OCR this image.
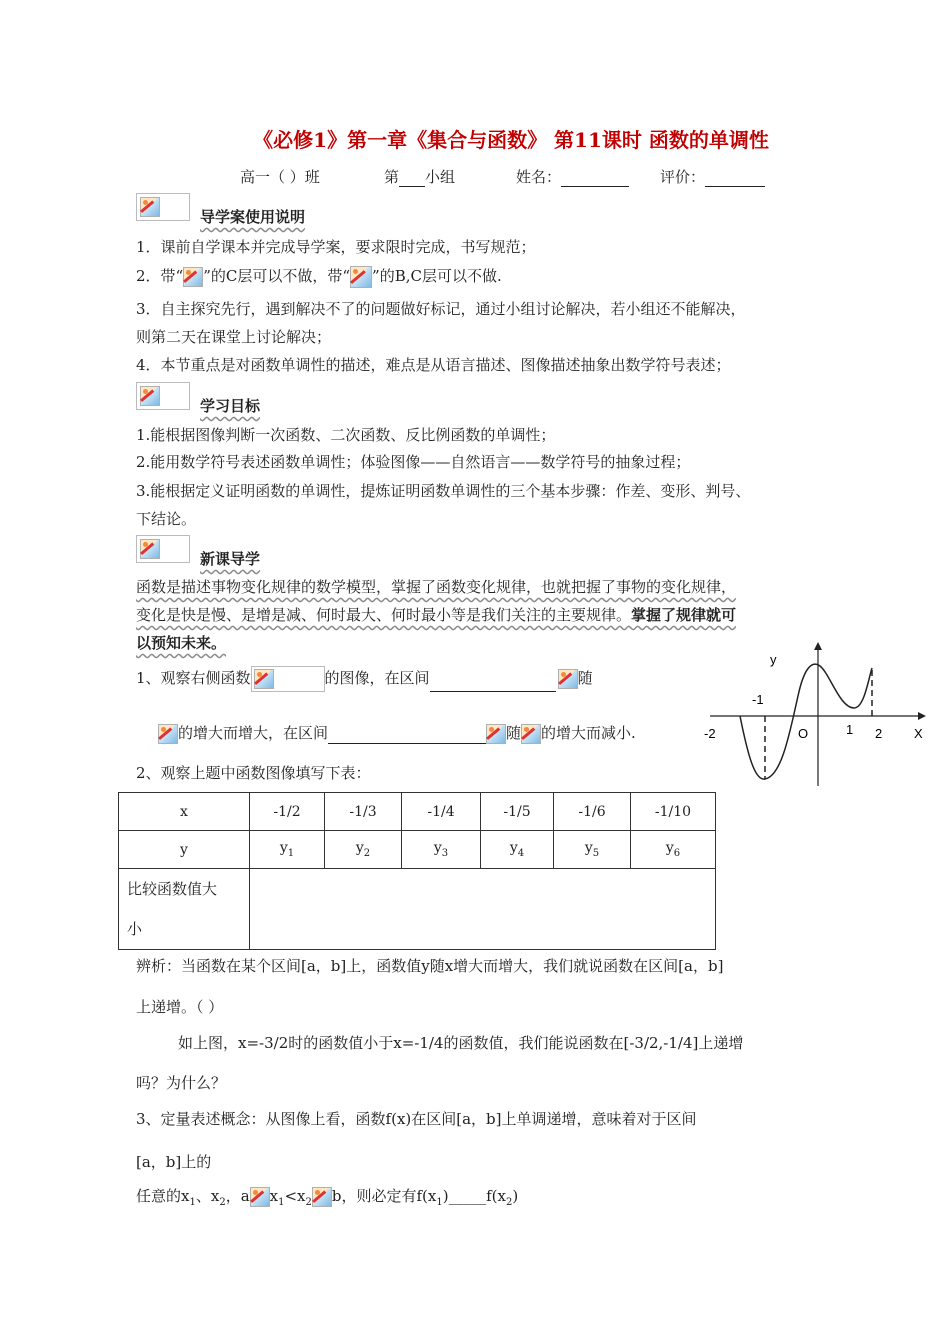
《必修1》第一章《集合与函数》 第11课时 函数的单调性
高一（ ）班	第 小组	姓名：	评价：
导学案使用说明
1．课前自学课本并完成导学案，要求限时完成，书写规范；
2．带“ ”的C层可以不做，带“ ”的B,C层可以不做.
3．自主探究先行，遇到解决不了的问题做好标记，通过小组讨论解决，若小组还不能解决，
则第二天在课堂上讨论解决；
4．本节重点是对函数单调性的描述，难点是从语言描述、图像描述抽象出数学符号表述；
学习目标
1.能根据图像判断一次函数、二次函数、反比例函数的单调性；
2.能用数学符号表述函数单调性；体验图像——自然语言——数学符号的抽象过程；
3.能根据定义证明函数的单调性，提炼证明函数单调性的三个基本步骤：作差、变形、判号、
下结论。
新课导学
函数是描述事物变化规律的数学模型，掌握了函数变化规律，也就把握了事物的变化规律，
变化是快是慢、是增是减、何时最大、何时最小等是我们关注的主要规律。掌握了规律就可
以预知未来。
1、观察右侧函数	的图像，在区间	随
的增大而增大，在区间	随 的增大而减小.
y
-1
-2	O	1 2 X
2、观察上题中函数图像填写下表：
x	-1/2	-1/3	-1/4	-1/5	-1/6	-1/10
y	$y_1$	$y_2$	$y_3$	$y_4$	$y_5$	$y_6$

比较函数值大
小						

辨析：当函数在某个区间[a，b]上，函数值y随x增大而增大，我们就说函数在区间[a，b]
上递增。（ ）
如上图，x=-3/2时的函数值小于x=-1/4的函数值，我们能说函数在[-3/2,-1/4]上递增
吗？为什么？
3、定量表述概念：从图像上看，函数f(x)在区间[a，b]上单调递增，意味着对于区间
[a，b]上的
任意的$x_1$、$x_2$，a $x_1<x_2$ b，则必定有$f(x_1)\_\_\_\_\_f(x_2)$
